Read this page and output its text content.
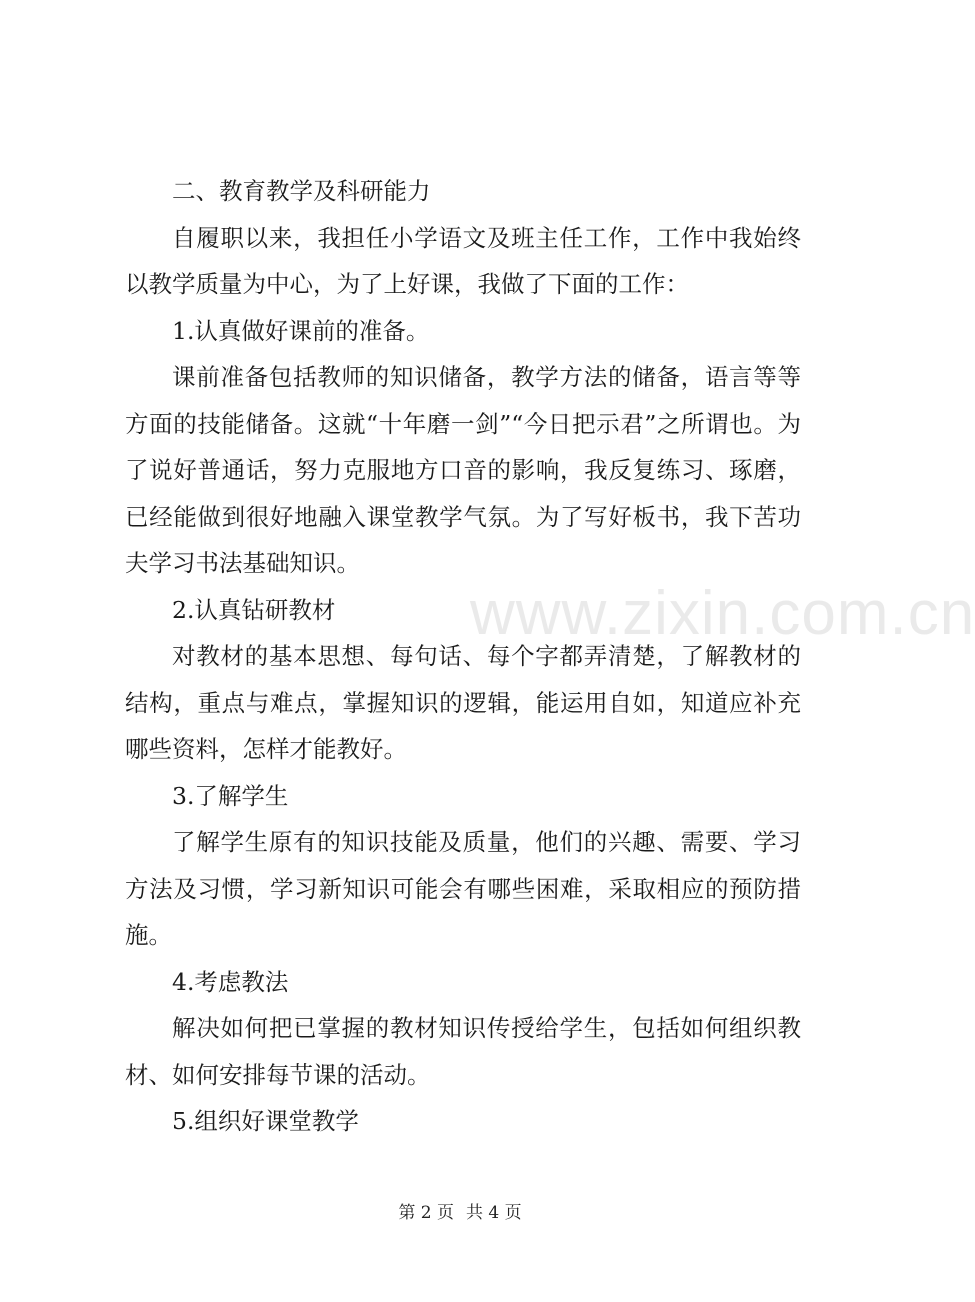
www.zixin.com.cn

二、教育教学及科研能力

自履职以来，我担任小学语文及班主任工作，工作中我始终以教学质量为中心，为了上好课，我做了下面的工作：

1.认真做好课前的准备。

课前准备包括教师的知识储备，教学方法的储备，语言等等方面的技能储备。这就“十年磨一剑”“今日把示君”之所谓也。为了说好普通话，努力克服地方口音的影响，我反复练习、琢磨，已经能做到很好地融入课堂教学气氛。为了写好板书，我下苦功夫学习书法基础知识。

2.认真钻研教材

对教材的基本思想、每句话、每个字都弄清楚，了解教材的结构，重点与难点，掌握知识的逻辑，能运用自如，知道应补充哪些资料，怎样才能教好。

3.了解学生

了解学生原有的知识技能及质量，他们的兴趣、需要、学习方法及习惯，学习新知识可能会有哪些困难，采取相应的预防措施。

4.考虑教法

解决如何把已掌握的教材知识传授给学生，包括如何组织教材、如何安排每节课的活动。

5.组织好课堂教学

第 2 页 共 4 页
